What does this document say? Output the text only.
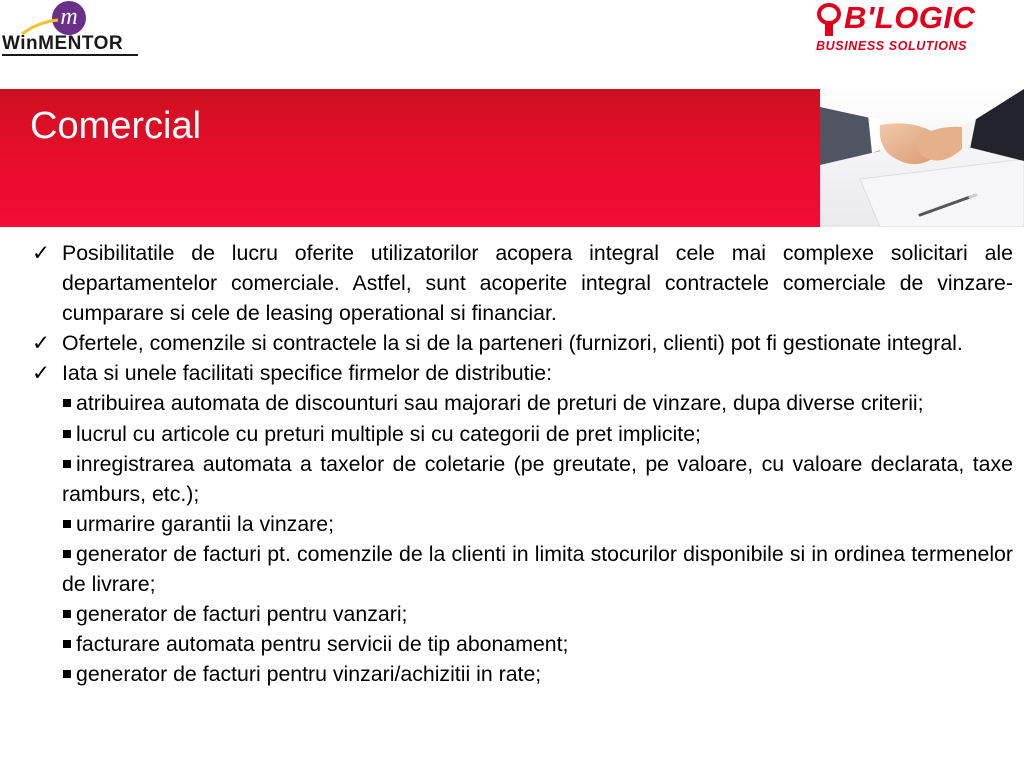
m
WinMENTOR
B'LOGIC
BUSINESS SOLUTIONS
Comercial
✓ Posibilitatile de lucru oferite utilizatorilor acopera integral cele mai complexe solicitari ale departamentelor comerciale. Astfel, sunt acoperite integral contractele comerciale de vinzare-cumparare si cele de leasing operational si financiar.
✓ Ofertele, comenzile si contractele la si de la parteneri (furnizori, clienti) pot fi gestionate integral.
✓ Iata si unele facilitati specifice firmelor de distributie:
atribuirea automata de discounturi sau majorari de preturi de vinzare, dupa diverse criterii;
lucrul cu articole cu preturi multiple si cu categorii de pret implicite;
inregistrarea automata a taxelor de coletarie (pe greutate, pe valoare, cu valoare declarata, taxe ramburs, etc.);
urmarire garantii la vinzare;
generator de facturi pt. comenzile de la clienti in limita stocurilor disponibile si in ordinea termenelor de livrare;
generator de facturi pentru vanzari;
facturare automata pentru servicii de tip abonament;
generator de facturi pentru vinzari/achizitii in rate;
